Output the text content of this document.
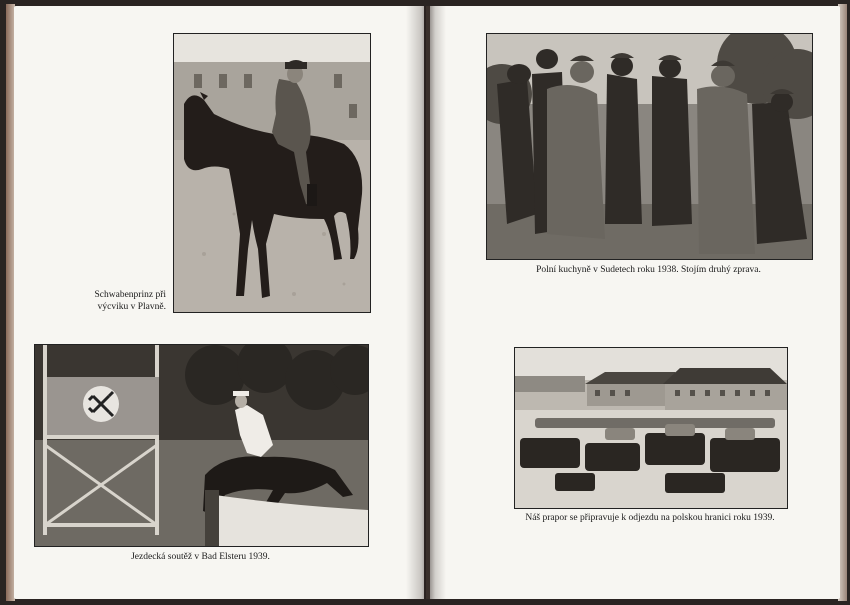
Schwabenprinz při
výcviku v Plavně.
Jezdecká soutěž v Bad Elsteru 1939.
Polní kuchyně v Sudetech roku 1938. Stojím druhý zprava.
Náš prapor se připravuje k odjezdu na polskou hranici roku 1939.
